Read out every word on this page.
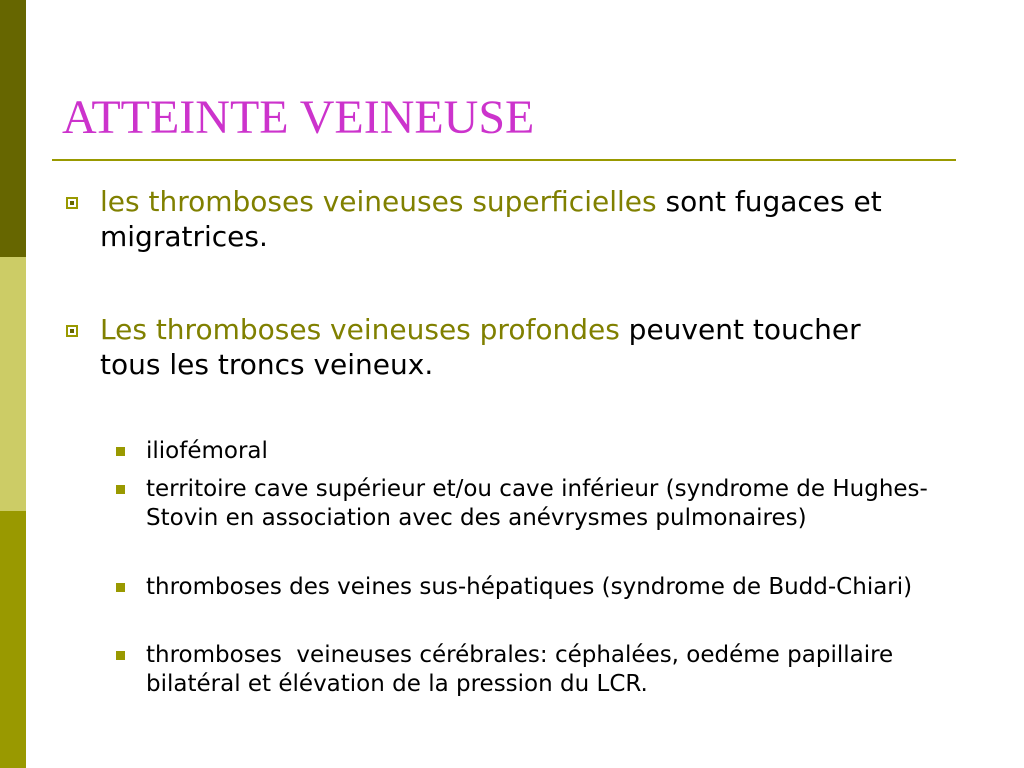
ATTEINTE VEINEUSE

les thromboses veineuses superficielles sont fugaces et migratrices.

Les thromboses veineuses profondes peuvent toucher tous les troncs veineux.

iliofémoral

territoire cave supérieur et/ou cave inférieur (syndrome de Hughes-Stovin en association avec des anévrysmes pulmonaires)

thromboses des veines sus-hépatiques (syndrome de Budd-Chiari)

thromboses  veineuses cérébrales: céphalées, oedéme papillaire bilatéral et élévation de la pression du LCR.
